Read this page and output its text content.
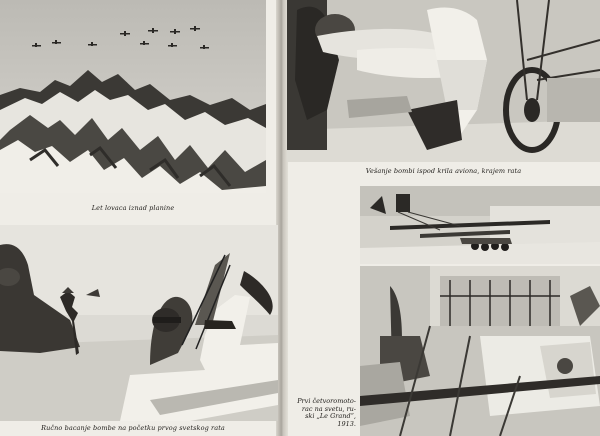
Let lovaca iznad planine
Ručno bacanje bombe na početku prvog svetskog rata
Vešanje bombi ispod krila aviona, krajem rata
Prvi četvoromoto-
rac na svetu, ru-
ski „Le Grand“,
1913.
